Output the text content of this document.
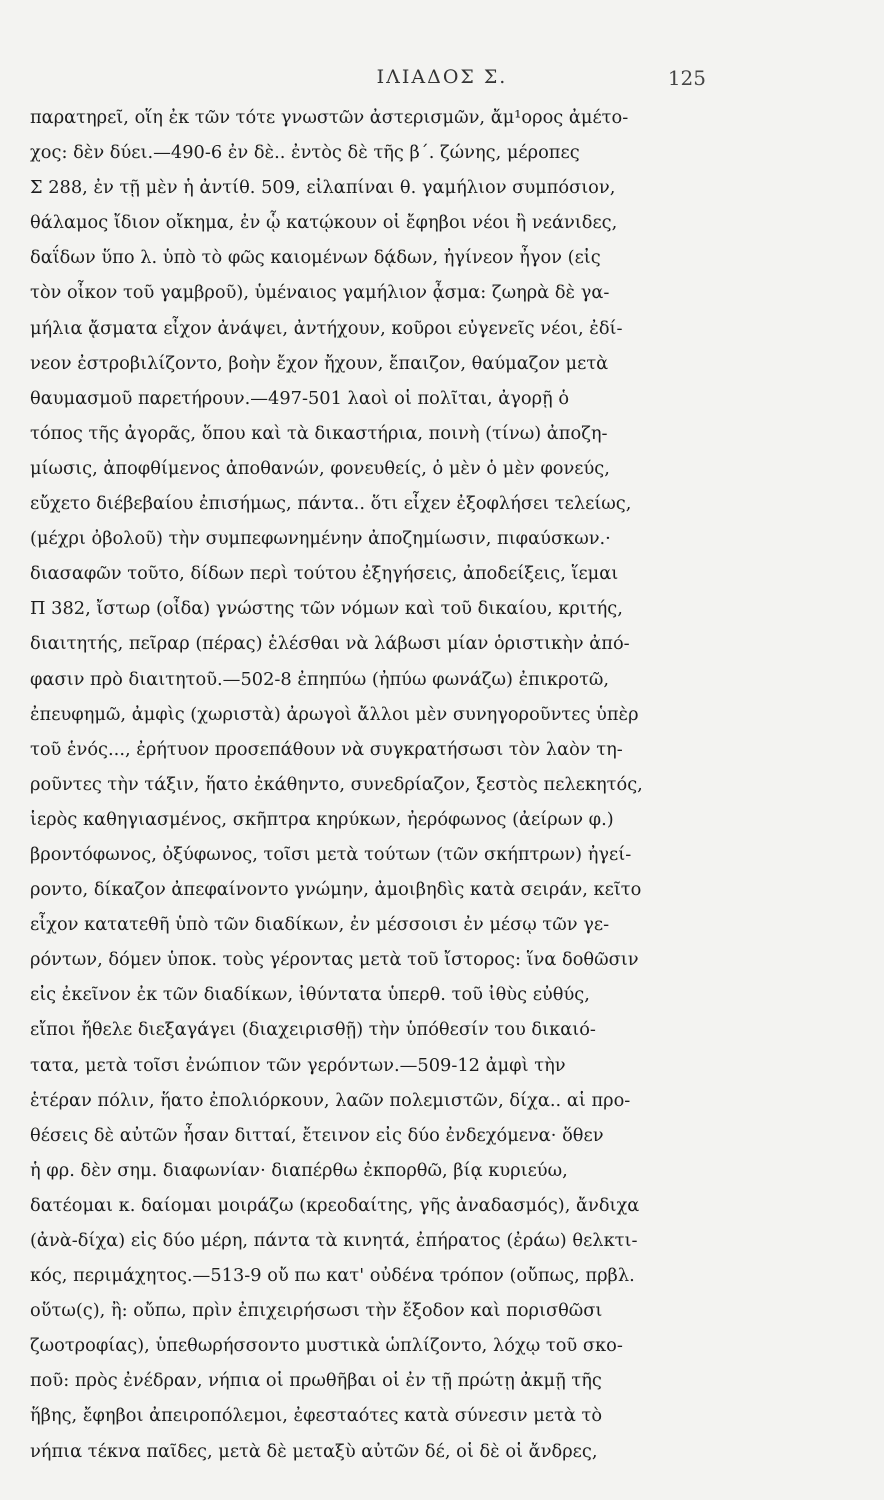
ΙΛΙΑΔΟΣ Σ.	125
παρατηρεῖ, οἵη ἐκ τῶν τότε γνωστῶν ἀστερισμῶν, ἄμ¹ορος ἀμέτο-
χος: δὲν δύει.—490-6 ἐν δὲ.. ἐντὸς δὲ τῆς β΄. ζώνης, μέροπες
Σ 288, ἐν τῇ μὲν ἡ ἀντίθ. 509, εἰλαπίναι θ. γαμήλιον συμπόσιον,
θάλαμος ἴδιον οἴκημα, ἐν ᾧ κατῴκουν οἱ ἔφηβοι νέοι ἢ νεάνιδες,
δαΐδων ὕπο λ. ὑπὸ τὸ φῶς καιομένων δᾴδων, ἠγίνεον ἦγον (εἰς
τὸν οἶκον τοῦ γαμβροῦ), ὑμέναιος γαμήλιον ᾆσμα: ζωηρὰ δὲ γα-
μήλια ᾄσματα εἶχον ἀνάψει, ἀντήχουν, κοῦροι εὐγενεῖς νέοι, ἐδί-
νεον ἐστροβιλίζοντο, βοὴν ἔχον ἤχουν, ἔπαιζον, θαύμαζον μετὰ
θαυμασμοῦ παρετήρουν.—497-501 λαοὶ οἱ πολῖται, ἀγορῇ ὁ
τόπος τῆς ἀγορᾶς, ὅπου καὶ τὰ δικαστήρια, ποινὴ (τίνω) ἀποζη-
μίωσις, ἀποφθίμενος ἀποθανών, φονευθείς, ὁ μὲν ὁ μὲν φονεύς,
εὔχετο διέβεβαίου ἐπισήμως, πάντα.. ὅτι εἶχεν ἐξοφλήσει τελείως,
(μέχρι ὀβολοῦ) τὴν συμπεφωνημένην ἀποζημίωσιν, πιφαύσκων.·
διασαφῶν τοῦτο, δίδων περὶ τούτου ἐξηγήσεις, ἀποδείξεις, ἵεμαι
Π 382, ἴστωρ (οἶδα) γνώστης τῶν νόμων καὶ τοῦ δικαίου, κριτής,
διαιτητής, πεῖραρ (πέρας) ἑλέσθαι νὰ λάβωσι μίαν ὁριστικὴν ἀπό-
φασιν πρὸ διαιτητοῦ.—502-8 ἐπηπύω (ἠπύω φωνάζω) ἐπικροτῶ,
ἐπευφημῶ, ἀμφὶς (χωριστὰ) ἀρωγοὶ ἄλλοι μὲν συνηγοροῦντες ὑπὲρ
τοῦ ἑνός..., ἐρήτυον προσεπάθουν νὰ συγκρατήσωσι τὸν λαὸν τη-
ροῦντες τὴν τάξιν, ἥατο ἐκάθηντο, συνεδρίαζον, ξεστὸς πελεκητός,
ἱερὸς καθηγιασμένος, σκῆπτρα κηρύκων, ἠερόφωνος (ἀείρων φ.)
βροντόφωνος, ὀξύφωνος, τοῖσι μετὰ τούτων (τῶν σκήπτρων) ἠγεί-
ροντο, δίκαζον ἀπεφαίνοντο γνώμην, ἀμοιβηδὶς κατὰ σειράν, κεῖτο
εἶχον κατατεθῆ ὑπὸ τῶν διαδίκων, ἐν μέσσοισι ἐν μέσῳ τῶν γε-
ρόντων, δόμεν ὑποκ. τοὺς γέροντας μετὰ τοῦ ἴστορος: ἵνα δοθῶσιν
εἰς ἐκεῖνον ἐκ τῶν διαδίκων, ἰθύντατα ὑπερθ. τοῦ ἰθὺς εὐθύς,
εἴποι ἤθελε διεξαγάγει (διαχειρισθῇ) τὴν ὑπόθεσίν του δικαιό-
τατα, μετὰ τοῖσι ἐνώπιον τῶν γερόντων.—509-12 ἀμφὶ τὴν
ἑτέραν πόλιν, ἥατο ἐπολιόρκουν, λαῶν πολεμιστῶν, δίχα.. αἱ προ-
θέσεις δὲ αὐτῶν ἦσαν διτταί, ἔτεινον εἰς δύο ἐνδεχόμενα· ὅθεν
ἡ φρ. δὲν σημ. διαφωνίαν· διαπέρθω ἐκπορθῶ, βίᾳ κυριεύω,
δατέομαι κ. δαίομαι μοιράζω (κρεοδαίτης, γῆς ἀναδασμός), ἄνδιχα
(ἀνὰ-δίχα) εἰς δύο μέρη, πάντα τὰ κινητά, ἐπήρατος (ἐράω) θελκτι-
κός, περιμάχητος.—513-9 οὔ πω κατ' οὐδένα τρόπον (οὔπως, πρβλ.
οὕτω(ς), ἢ: οὔπω, πρὶν ἐπιχειρήσωσι τὴν ἔξοδον καὶ πορισθῶσι
ζωοτροφίας), ὑπεθωρήσσοντο μυστικὰ ὡπλίζοντο, λόχῳ τοῦ σκο-
ποῦ: πρὸς ἐνέδραν, νήπια οἱ πρωθῆβαι οἱ ἐν τῇ πρώτῃ ἀκμῇ τῆς
ἥβης, ἔφηβοι ἀπειροπόλεμοι, ἐφεσταότες κατὰ σύνεσιν μετὰ τὸ
νήπια τέκνα παῖδες, μετὰ δὲ μεταξὺ αὐτῶν δέ, οἱ δὲ οἱ ἄνδρες,
